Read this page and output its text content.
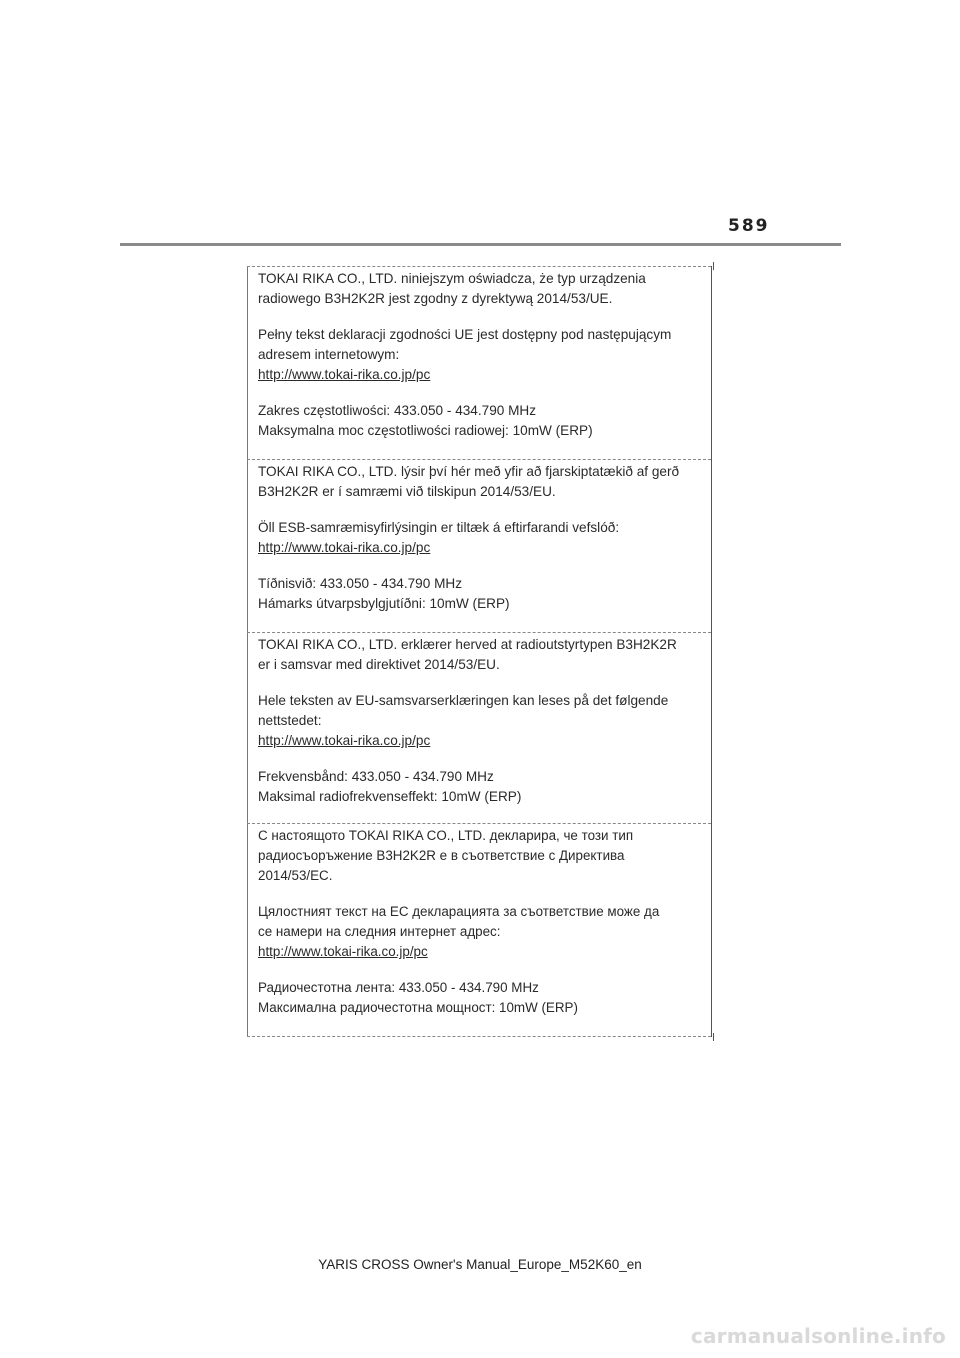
589

TOKAI RIKA CO., LTD. niniejszym oświadcza, że typ urządzenia

radiowego B3H2K2R jest zgodny z dyrektywą 2014/53/UE.

Pełny tekst deklaracji zgodności UE jest dostępny pod następującym

adresem internetowym:

http://www.tokai-rika.co.jp/pc

Zakres częstotliwości: 433.050 - 434.790 MHz

Maksymalna moc częstotliwości radiowej: 10mW (ERP)

TOKAI RIKA CO., LTD. lýsir því hér með yfir að fjarskiptatækið af gerð

B3H2K2R er í samræmi við tilskipun 2014/53/EU.

Öll ESB-samræmisyfirlýsingin er tiltæk á eftirfarandi vefslóð:

http://www.tokai-rika.co.jp/pc

Tíðnisvið: 433.050 - 434.790 MHz

Hámarks útvarpsbylgjutíðni: 10mW (ERP)

TOKAI RIKA CO., LTD. erklærer herved at radioutstyrtypen B3H2K2R

er i samsvar med direktivet 2014/53/EU.

Hele teksten av EU-samsvarserklæringen kan leses på det følgende

nettstedet:

http://www.tokai-rika.co.jp/pc

Frekvensbånd: 433.050 - 434.790 MHz

Maksimal radiofrekvenseffekt: 10mW (ERP)

С настоящото TOKAI RIKA CO., LTD. декларира, че този тип

радиосъоръжение B3H2K2R е в съответствие с Директива

2014/53/ЕС.

Цялостният текст на ЕС декларацията за съответствие може да

се намери на следния интернет адрес:

http://www.tokai-rika.co.jp/pc

Радиочестотна лента: 433.050 - 434.790 MHz

Максимална радиочестотна мощност: 10mW (ERP)

YARIS CROSS Owner's Manual_Europe_M52K60_en
carmanualsonline.info
